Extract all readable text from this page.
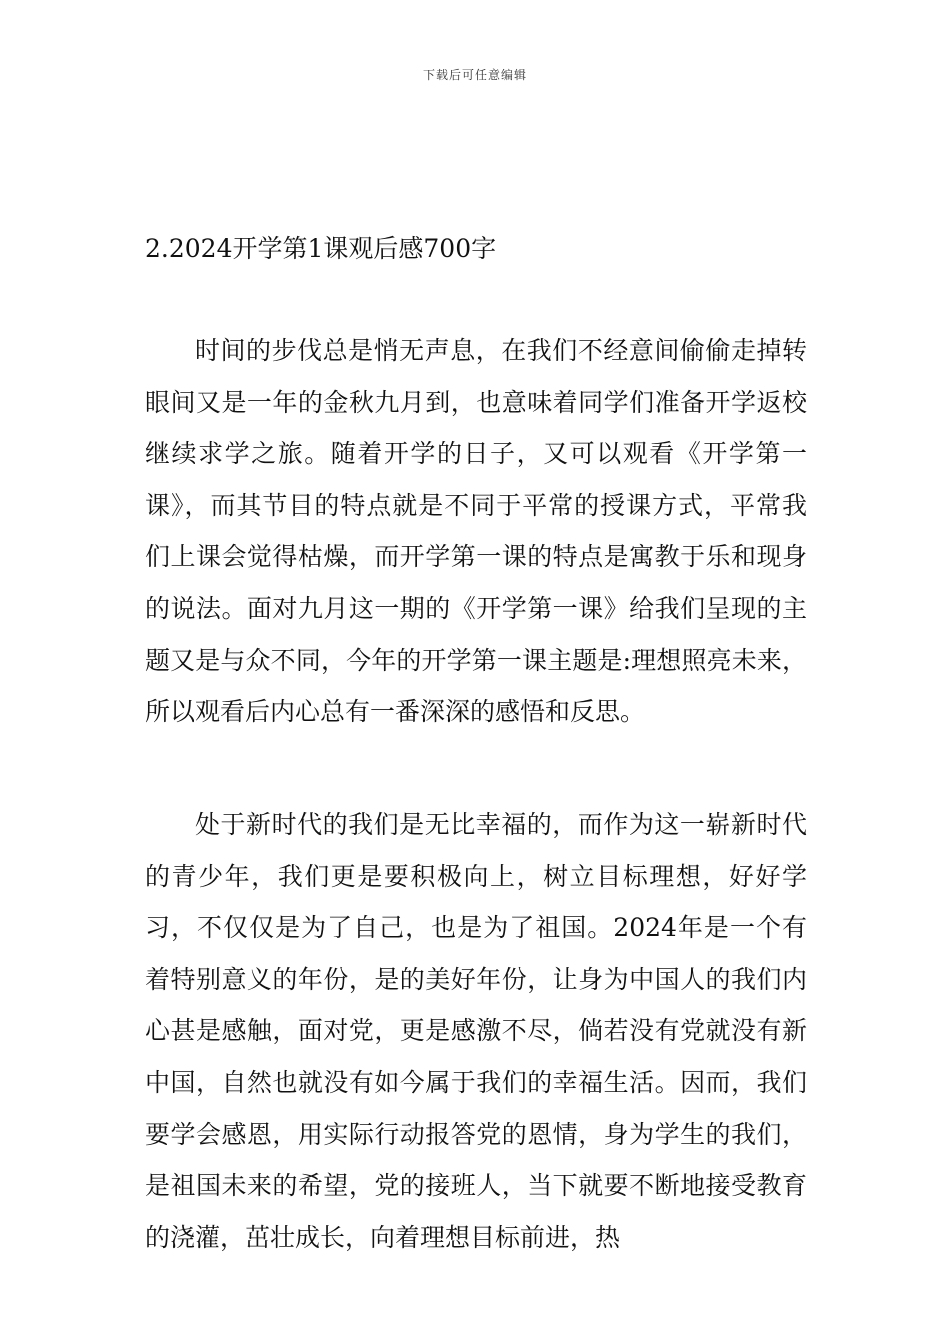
下载后可任意编辑
2.2024开学第1课观后感700字

时间的步伐总是悄无声息，在我们不经意间偷偷走掉转眼间又是一年的金秋九月到，也意味着同学们准备开学返校继续求学之旅。随着开学的日子，又可以观看《开学第一课》，而其节目的特点就是不同于平常的授课方式，平常我们上课会觉得枯燥，而开学第一课的特点是寓教于乐和现身的说法。面对九月这一期的《开学第一课》给我们呈现的主题又是与众不同，今年的开学第一课主题是:理想照亮未来，所以观看后内心总有一番深深的感悟和反思。

处于新时代的我们是无比幸福的，而作为这一崭新时代的青少年，我们更是要积极向上，树立目标理想，好好学习，不仅仅是为了自己，也是为了祖国。2024年是一个有着特别意义的年份，是的美好年份，让身为中国人的我们内心甚是感触，面对党，更是感激不尽，倘若没有党就没有新中国，自然也就没有如今属于我们的幸福生活。因而，我们要学会感恩，用实际行动报答党的恩情，身为学生的我们，是祖国未来的希望，党的接班人，当下就要不断地接受教育的浇灌，茁壮成长，向着理想目标前进，热
